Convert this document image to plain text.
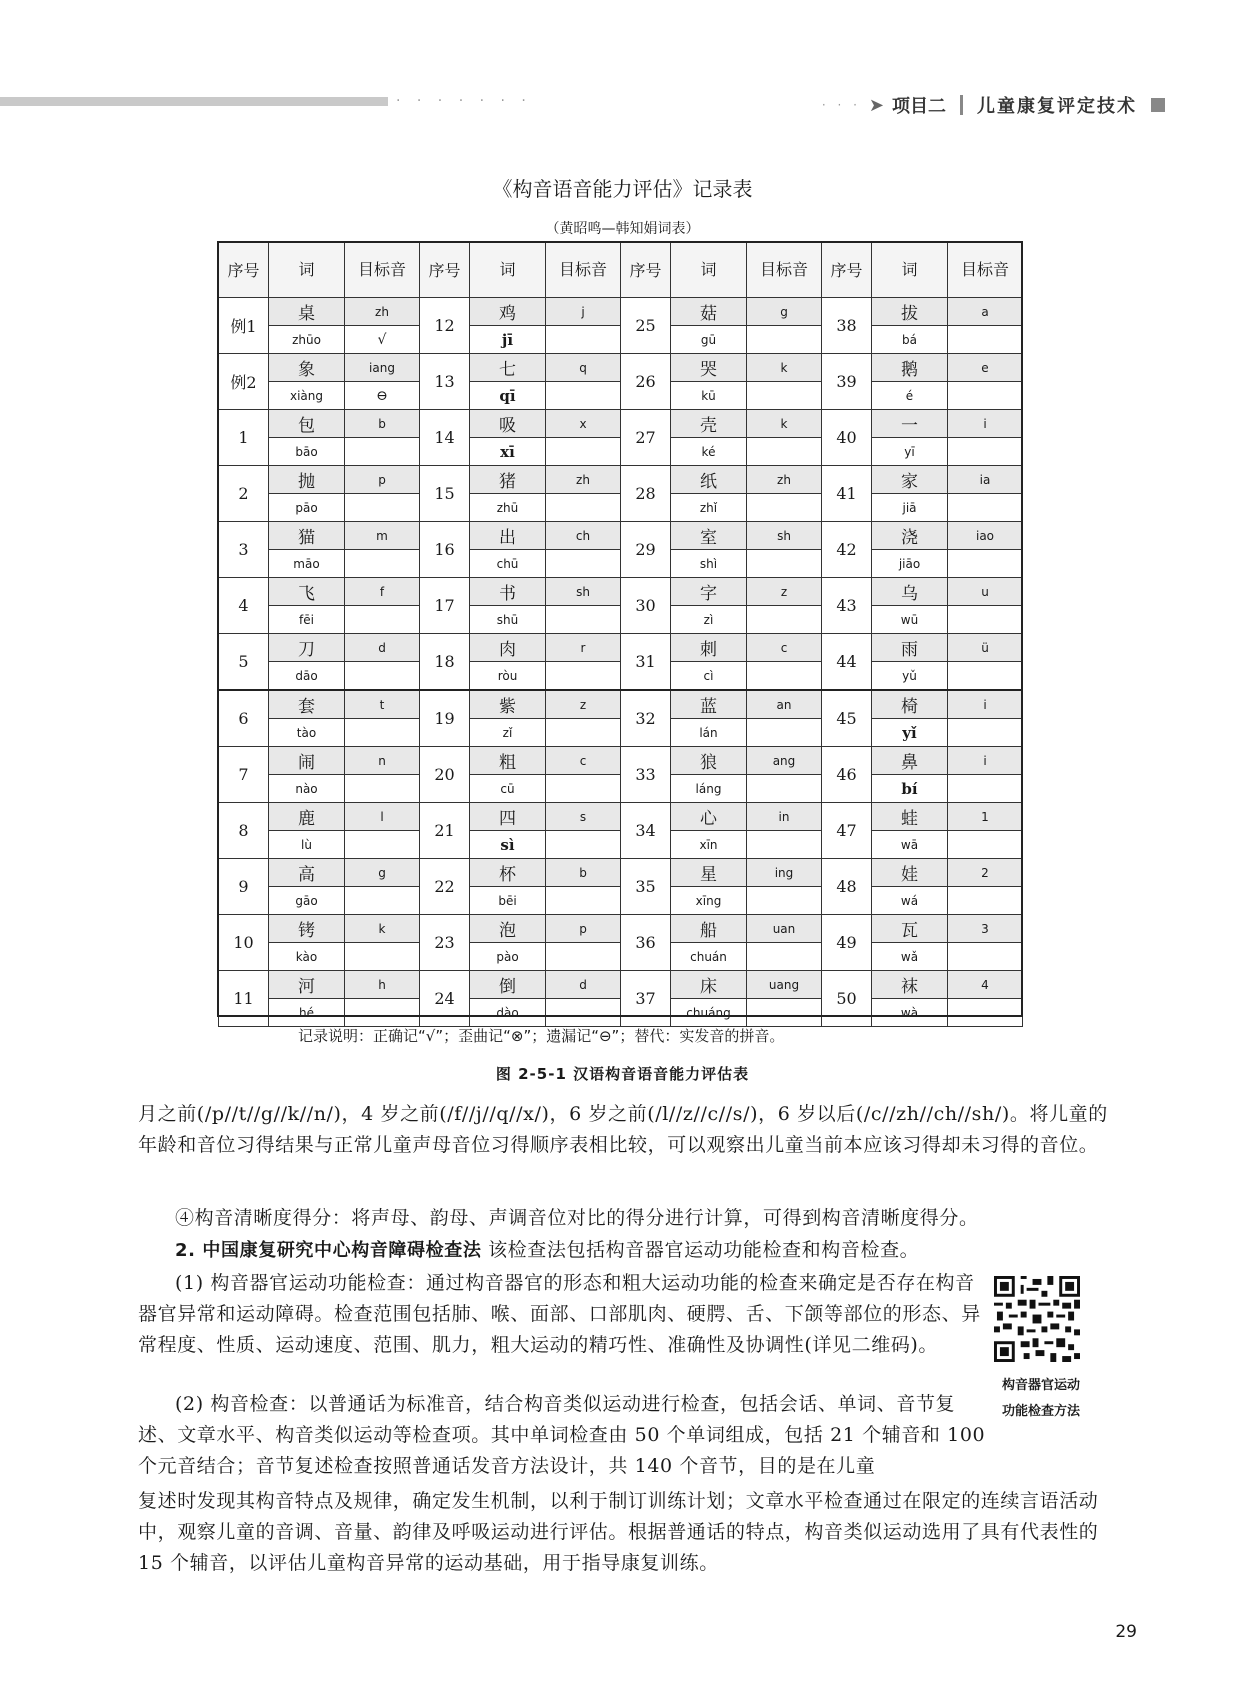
· · · · · · ·	· · · ➤ 项目二 儿童康复评定技术
《构音语音能力评估》记录表
（黄昭鸣—韩知娟词表）
序号	词	目标音	序号	词	目标音	序号	词	目标音	序号	词	目标音
例1	桌	zh	12	鸡	j	25	菇	g	38	拔	a
	zhūo	√		jī			gū			bá	
例2	象	iang	13	七	q	26	哭	k	39	鹅	e
	xiàng	⊖		qī			kū			é	
1	包	b	14	吸	x	27	壳	k	40	一	i
	bāo			xī			ké			yī	
2	抛	p	15	猪	zh	28	纸	zh	41	家	ia
	pāo			zhū			zhǐ			jiā	
3	猫	m	16	出	ch	29	室	sh	42	浇	iao
	māo			chū			shì			jiāo	
4	飞	f	17	书	sh	30	字	z	43	乌	u
	fēi			shū			zì			wū	
5	刀	d	18	肉	r	31	刺	c	44	雨	ü
	dāo			ròu			cì			yǔ	
6	套	t	19	紫	z	32	蓝	an	45	椅	i
	tào			zǐ			lán			yǐ	
7	闹	n	20	粗	c	33	狼	ang	46	鼻	i
	nào			cū			láng			bí	
8	鹿	l	21	四	s	34	心	in	47	蛙	1
	lù			sì			xīn			wā	
9	高	g	22	杯	b	35	星	ing	48	娃	2
	gāo			bēi			xīng			wá	
10	铐	k	23	泡	p	36	船	uan	49	瓦	3
	kào			pào			chuán			wǎ	
11	河	h	24	倒	d	37	床	uang	50	袜	4
	hé			dào			chuáng			wà	
记录说明：正确记“√”；歪曲记“⊗”；遗漏记“⊖”；替代：实发音的拼音。
图 2-5-1 汉语构音语音能力评估表
月之前(/p//t//g//k//n/)，4 岁之前(/f//j//q//x/)，6 岁之前(/l//z//c//s/)，6 岁以后(/c//zh//ch//sh/)。将儿童的年龄和音位习得结果与正常儿童声母音位习得顺序表相比较，可以观察出儿童当前本应该习得却未习得的音位。
④构音清晰度得分：将声母、韵母、声调音位对比的得分进行计算，可得到构音清晰度得分。
2. 中国康复研究中心构音障碍检查法 该检查法包括构音器官运动功能检查和构音检查。
(1) 构音器官运动功能检查：通过构音器官的形态和粗大运动功能的检查来确定是否存在构音器官异常和运动障碍。检查范围包括肺、喉、面部、口部肌肉、硬腭、舌、下颌等部位的形态、异常程度、性质、运动速度、范围、肌力，粗大运动的精巧性、准确性及协调性(详见二维码)。
(2) 构音检查：以普通话为标准音，结合构音类似运动进行检查，包括会话、单词、音节复述、文章水平、构音类似运动等检查项。其中单词检查由 50 个单词组成，包括 21 个辅音和 100 个元音结合；音节复述检查按照普通话发音方法设计，共 140 个音节，目的是在儿童
复述时发现其构音特点及规律，确定发生机制，以利于制订训练计划；文章水平检查通过在限定的连续言语活动中，观察儿童的音调、音量、韵律及呼吸运动进行评估。根据普通话的特点，构音类似运动选用了具有代表性的 15 个辅音，以评估儿童构音异常的运动基础，用于指导康复训练。
构音器官运动
功能检查方法
29
